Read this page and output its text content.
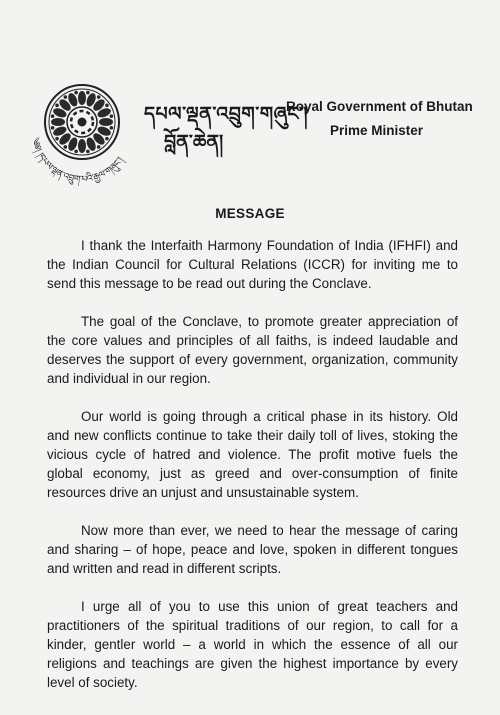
༄༅། །དཔལ་ལྡན་འབྲུག་པའི་རྒྱལ་གཞུང་།
དཔལ་ལྡན་འབྲུག་གཞུང་།
བློན་ཆེན།
Royal Government of Bhutan
Prime Minister
MESSAGE

I thank the Interfaith Harmony Foundation of India (IFHFI) and the Indian Council for Cultural Relations (ICCR) for inviting me to send this message to be read out during the Conclave.

The goal of the Conclave, to promote greater appreciation of the core values and principles of all faiths, is indeed laudable and deserves the support of every government, organization, community and individual in our region.

Our world is going through a critical phase in its history. Old and new conflicts continue to take their daily toll of lives, stoking the vicious cycle of hatred and violence. The profit motive fuels the global economy, just as greed and over-consumption of finite resources drive an unjust and unsustainable system.

Now more than ever, we need to hear the message of caring and sharing – of hope, peace and love, spoken in different tongues and written and read in different scripts.

I urge all of you to use this union of great teachers and practitioners of the spiritual traditions of our region, to call for a kinder, gentler world – a world in which the essence of all our religions and teachings are given the highest importance by every level of society.
